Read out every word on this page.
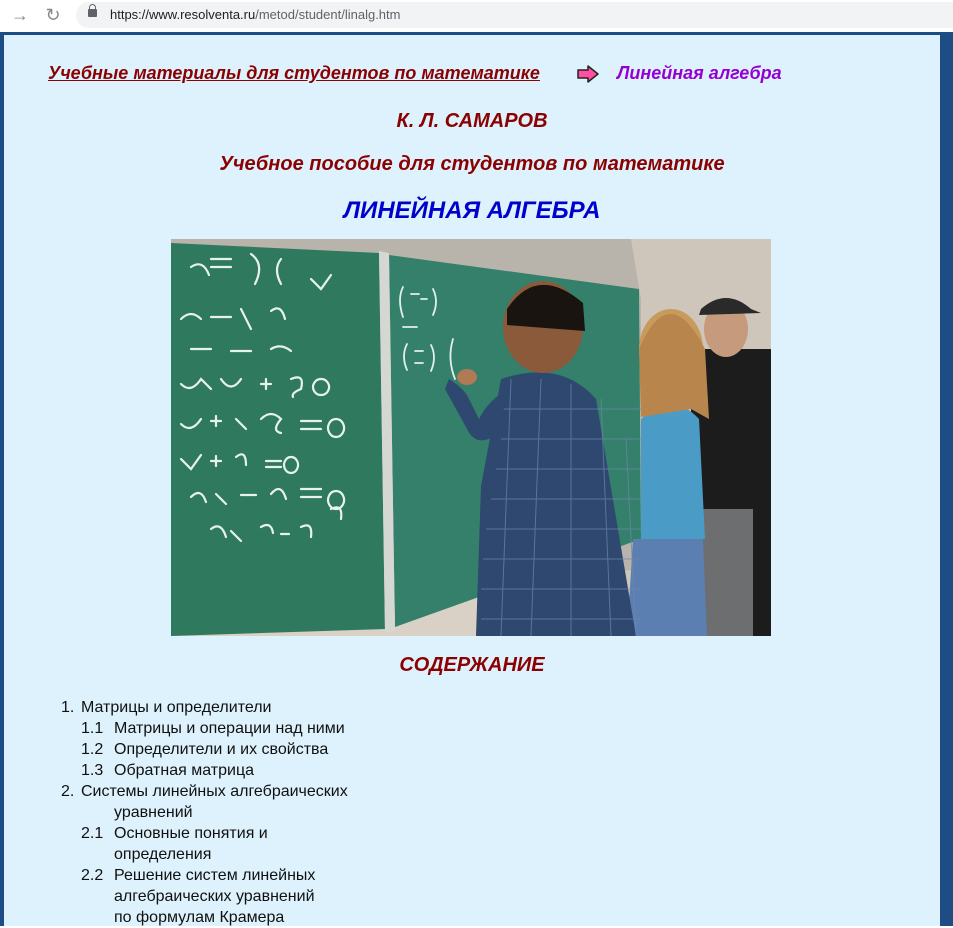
→ ↻	https://www.resolventa.ru/metod/student/linalg.htm
Учебные материалы для студентов по математике	Линейная алгебра
К. Л. САМАРОВ
Учебное пособие для студентов по математике
ЛИНЕЙНАЯ АЛГЕБРА
СОДЕРЖАНИЕ
1. Матрицы и определители
1.1 Матрицы и операции над ними
1.2 Определители и их свойства
1.3 Обратная матрица
2. Системы линейных алгебраических
уравнений
2.1 Основные понятия и
определения
2.2 Решение систем линейных
алгебраических уравнений
по формулам Крамера
